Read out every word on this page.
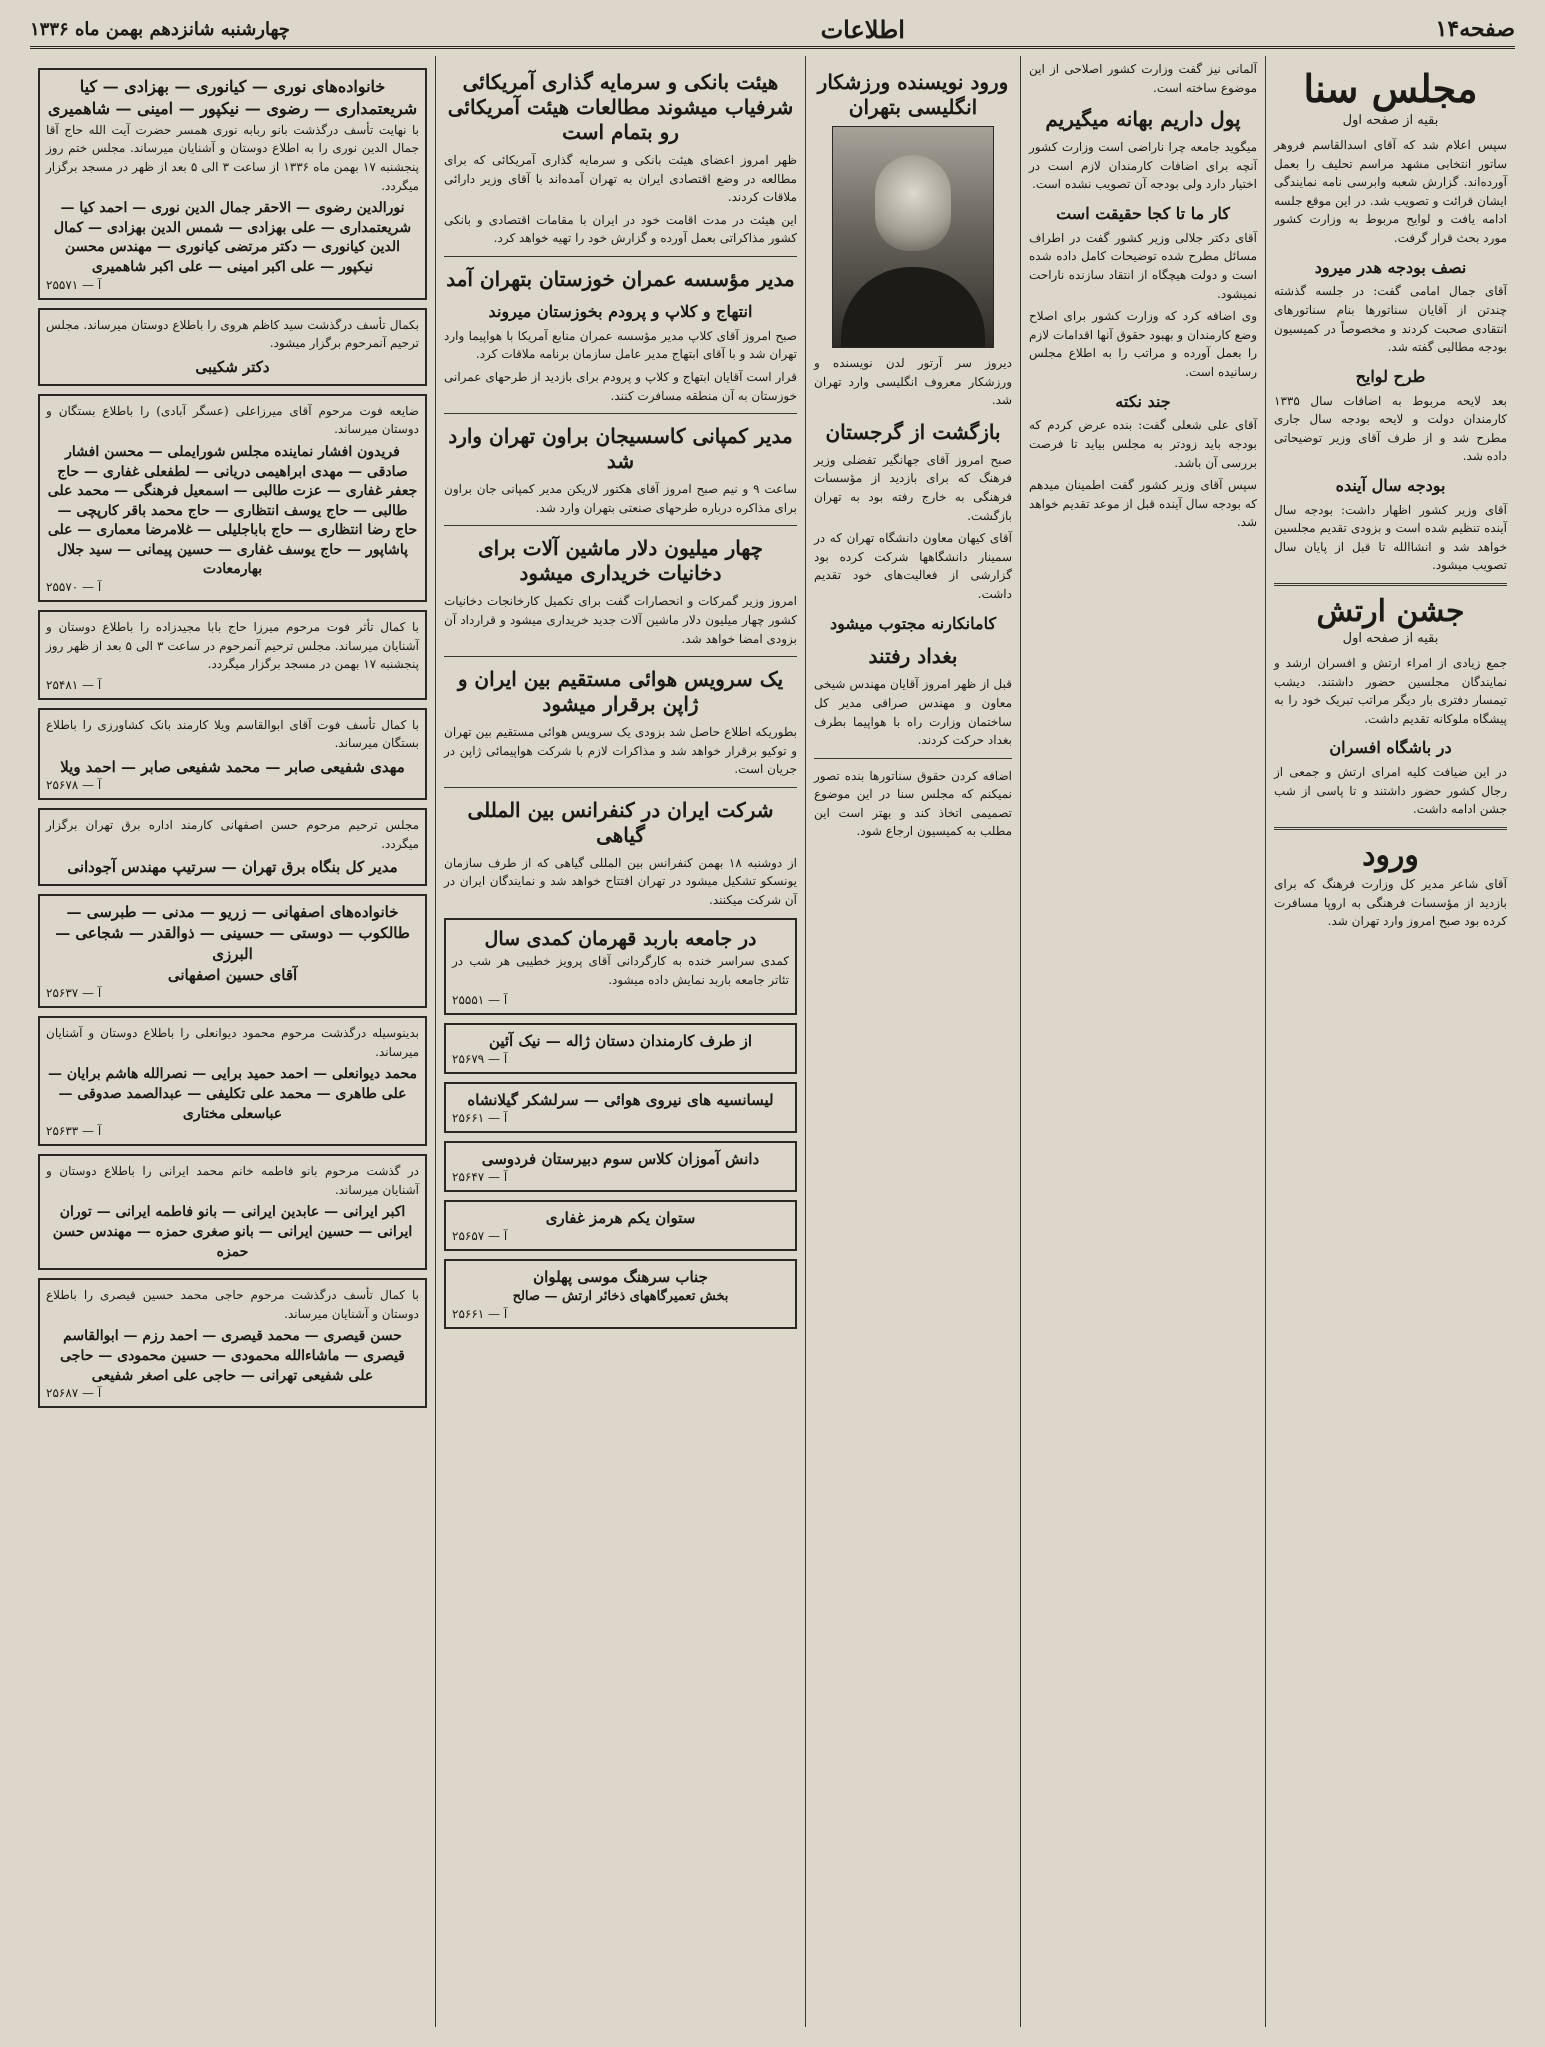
صفحه۱۴
اطلاعات
چهارشنبه شانزدهم بهمن ماه ۱۳۳۶
مجلس سنا
بقیه از صفحه اول

سپس اعلام شد که آقای اسدالقاسم فروهر ساتور انتخابی مشهد مراسم تحلیف را بعمل آورده‌اند. گزارش شعبه وابرسی نامه نمایندگی ایشان قرائت و تصویب شد. در این موقع جلسه ادامه یافت و لوایح مربوط به وزارت کشور مورد بحث قرار گرفت.

نصف بودجه هدر میرود

آقای جمال امامی گفت: در جلسه گذشته چندتن از آقایان سناتورها بنام سناتورهای انتقادی صحبت کردند و مخصوصاً در کمیسیون بودجه مطالبی گفته شد.

طرح لوایح

بعد لایحه مربوط به اضافات سال ۱۳۳۵ کارمندان دولت و لایحه بودجه سال جاری مطرح شد و از طرف آقای وزیر توضیحاتی داده شد.

بودجه سال آینده

آقای وزیر کشور اظهار داشت: بودجه سال آینده تنظیم شده است و بزودی تقدیم مجلسین خواهد شد و انشاالله تا قبل از پایان سال تصویب میشود.

جشن ارتش
بقیه از صفحه اول

جمع زیادی از امراء ارتش و افسران ارشد و نمایندگان مجلسین حضور داشتند. دیشب تیمسار دفتری بار دیگر مراتب تبریک خود را به پیشگاه ملوکانه تقدیم داشت.

در باشگاه افسران

در این ضیافت کلیه امرای ارتش و جمعی از رجال کشور حضور داشتند و تا پاسی از شب جشن ادامه داشت.

ورود

آقای شاعر مدیر کل وزارت فرهنگ که برای بازدید از مؤسسات فرهنگی به اروپا مسافرت کرده بود صبح امروز وارد تهران شد.

آلمانی نیز گفت وزارت کشور اصلاحی از این موضوع ساخته است.

پول داریم بهانه میگیریم

میگوید جامعه چرا ناراضی است وزارت کشور آنچه برای اضافات کارمندان لازم است در اختیار دارد ولی بودجه آن تصویب نشده است.

کار ما تا کجا حقیقت است

آقای دکتر جلالی وزیر کشور گفت در اطراف مسائل مطرح شده توضیحات کامل داده شده است و دولت هیچگاه از انتقاد سازنده ناراحت نمیشود.

وی اضافه کرد که وزارت کشور برای اصلاح وضع کارمندان و بهبود حقوق آنها اقدامات لازم را بعمل آورده و مراتب را به اطلاع مجلس رسانیده است.

جند نکته

آقای علی شعلی گفت: بنده عرض کردم که بودجه باید زودتر به مجلس بیاید تا فرصت بررسی آن باشد.

سپس آقای وزیر کشور گفت اطمینان میدهم که بودجه سال آینده قبل از موعد تقدیم خواهد شد.

ورود نویسنده ورزشکار انگلیسی بتهران

دیروز سر آرتور لدن نویسنده و ورزشکار معروف انگلیسی وارد تهران شد.

بازگشت از گرجستان

صبح امروز آقای جهانگیر تفضلی وزیر فرهنگ که برای بازدید از مؤسسات فرهنگی به خارج رفته بود به تهران بازگشت.

آقای کیهان معاون دانشگاه تهران که در سمینار دانشگاهها شرکت کرده بود گزارشی از فعالیت‌های خود تقدیم داشت.

کامانکارنه مجتوب میشود
بغداد رفتند

قبل از ظهر امروز آقایان مهندس شیخی معاون و مهندس صرافی مدیر کل ساختمان وزارت راه با هواپیما بطرف بغداد حرکت کردند.

اضافه کردن حقوق سناتورها بنده تصور نمیکنم که مجلس سنا در این موضوع تصمیمی اتخاذ کند و بهتر است این مطلب به کمیسیون ارجاع شود.

هیئت بانکی و سرمایه گذاری آمریکائی شرفیاب میشوند مطالعات هیئت آمریکائی رو بتمام است

ظهر امروز اعضای هیئت بانکی و سرمایه گذاری آمریکائی که برای مطالعه در وضع اقتصادی ایران به تهران آمده‌اند با آقای وزیر دارائی ملاقات کردند.

این هیئت در مدت اقامت خود در ایران با مقامات اقتصادی و بانکی کشور مذاکراتی بعمل آورده و گزارش خود را تهیه خواهد کرد.

مدیر مؤسسه عمران خوزستان بتهران آمد
انتهاج و کلاپ و پرودم بخوزستان میروند

صبح امروز آقای کلاپ مدیر مؤسسه عمران منابع آمریکا با هواپیما وارد تهران شد و با آقای ابتهاج مدیر عامل سازمان برنامه ملاقات کرد.

قرار است آقایان ابتهاج و کلاپ و پرودم برای بازدید از طرحهای عمرانی خوزستان به آن منطقه مسافرت کنند.

مدیر کمپانی کاسسیجان براون تهران وارد شد

ساعت ۹ و نیم صبح امروز آقای هکتور لاریکن مدیر کمپانی جان براون برای مذاکره درباره طرحهای صنعتی بتهران وارد شد.

چهار میلیون دلار ماشین آلات برای دخانیات خریداری میشود

امروز وزیر گمرکات و انحصارات گفت برای تکمیل کارخانجات دخانیات کشور چهار میلیون دلار ماشین آلات جدید خریداری میشود و قرارداد آن بزودی امضا خواهد شد.

یک سرویس هوائی مستقیم بین ایران و ژاپن برقرار میشود

بطوریکه اطلاع حاصل شد بزودی یک سرویس هوائی مستقیم بین تهران و توکیو برقرار خواهد شد و مذاکرات لازم با شرکت هواپیمائی ژاپن در جریان است.

شرکت ایران در کنفرانس بین المللی گیاهی

از دوشنبه ۱۸ بهمن کنفرانس بین المللی گیاهی که از طرف سازمان یونسکو تشکیل میشود در تهران افتتاح خواهد شد و نمایندگان ایران در آن شرکت میکنند.

در جامعه باربد قهرمان کمدی سال

کمدی سراسر خنده به کارگردانی آقای پرویز خطیبی هر شب در تئاتر جامعه باربد نمایش داده میشود.

آ — ۲۵۵۵۱
از طرف کارمندان دستان ژاله — نیک آئین
آ — ۲۵۶۷۹
لیسانسیه های نیروی هوائی — سرلشکر گیلانشاه
آ — ۲۵۶۶۱
دانش آموزان کلاس سوم دبیرستان فردوسی
آ — ۲۵۶۴۷
ستوان یکم هرمز غفاری
آ — ۲۵۶۵۷
جناب سرهنگ موسی پهلوان
بخش تعمیرگاههای ذخائر ارتش — صالح
آ — ۲۵۶۶۱
خانواده‌های نوری — کیانوری — بهزادی — کیا شریعتمداری — رضوی — نیکپور — امینی — شاهمیری

با نهایت تأسف درگذشت بانو ربابه نوری همسر حضرت آیت الله حاج آقا جمال الدین نوری را به اطلاع دوستان و آشنایان میرساند. مجلس ختم روز پنجشنبه ۱۷ بهمن ماه ۱۳۳۶ از ساعت ۳ الی ۵ بعد از ظهر در مسجد برگزار میگردد.

نورالدین رضوی — الاحقر جمال الدین نوری — احمد کیا — شریعتمداری — علی بهزادی — شمس الدین بهزادی — کمال الدین کیانوری — دکتر مرتضی کیانوری — مهندس محسن نیکپور — علی اکبر امینی — علی اکبر شاهمیری
آ — ۲۵۵۷۱

بکمال تأسف درگذشت سید کاظم هروی را باطلاع دوستان میرساند. مجلس ترحیم آنمرحوم برگزار میشود.

دکتر شکیبی

ضایعه فوت مرحوم آقای میرزاعلی (عسگر آبادی) را باطلاع بستگان و دوستان میرساند.

فریدون افشار نماینده مجلس شورایملی — محسن افشار صادقی — مهدی ابراهیمی دریانی — لطفعلی غفاری — حاج جعفر غفاری — عزت طالبی — اسمعیل فرهنگی — محمد علی طالبی — حاج یوسف انتظاری — حاج محمد باقر کارپچی — حاج رضا انتظاری — حاج باباجلیلی — غلامرضا معماری — علی پاشاپور — حاج یوسف غفاری — حسین پیمانی — سید جلال بهارمعادت
آ — ۲۵۵۷۰

با کمال تأثر فوت مرحوم میرزا حاج بابا مجیدزاده را باطلاع دوستان و آشنایان میرساند. مجلس ترحیم آنمرحوم در ساعت ۳ الی ۵ بعد از ظهر روز پنجشنبه ۱۷ بهمن در مسجد برگزار میگردد.

آ — ۲۵۴۸۱

با کمال تأسف فوت آقای ابوالقاسم ویلا کارمند بانک کشاورزی را باطلاع بستگان میرساند.

مهدی شفیعی صابر — محمد شفیعی صابر — احمد ویلا
آ — ۲۵۶۷۸

مجلس ترحیم مرحوم حسن اصفهانی کارمند اداره برق تهران برگزار میگردد.

مدیر کل بنگاه برق تهران — سرتیپ مهندس آجودانی
خانواده‌های اصفهانی — زریو — مدنی — طبرسی — طالکوب — دوستی — حسینی — ذوالقدر — شجاعی — البرزی
آقای حسین اصفهانی
آ — ۲۵۶۳۷

بدینوسیله درگذشت مرحوم محمود دیوانعلی را باطلاع دوستان و آشنایان میرساند.

محمد دیوانعلی — احمد حمید برایی — نصرالله هاشم برایان — علی طاهری — محمد علی تکلیفی — عبدالصمد صدوقی — عباسعلی مختاری
آ — ۲۵۶۳۳

در گذشت مرحوم بانو فاطمه خانم محمد ایرانی را باطلاع دوستان و آشنایان میرساند.

اکبر ایرانی — عابدین ایرانی — بانو فاطمه ایرانی — توران ایرانی — حسین ایرانی — بانو صغری حمزه — مهندس حسن حمزه

با کمال تأسف درگذشت مرحوم حاجی محمد حسین قیصری را باطلاع دوستان و آشنایان میرساند.

حسن قیصری — محمد قیصری — احمد رزم — ابوالقاسم قیصری — ماشاءالله محمودی — حسین محمودی — حاجی علی شفیعی تهرانی — حاجی علی اصغر شفیعی
آ — ۲۵۶۸۷
